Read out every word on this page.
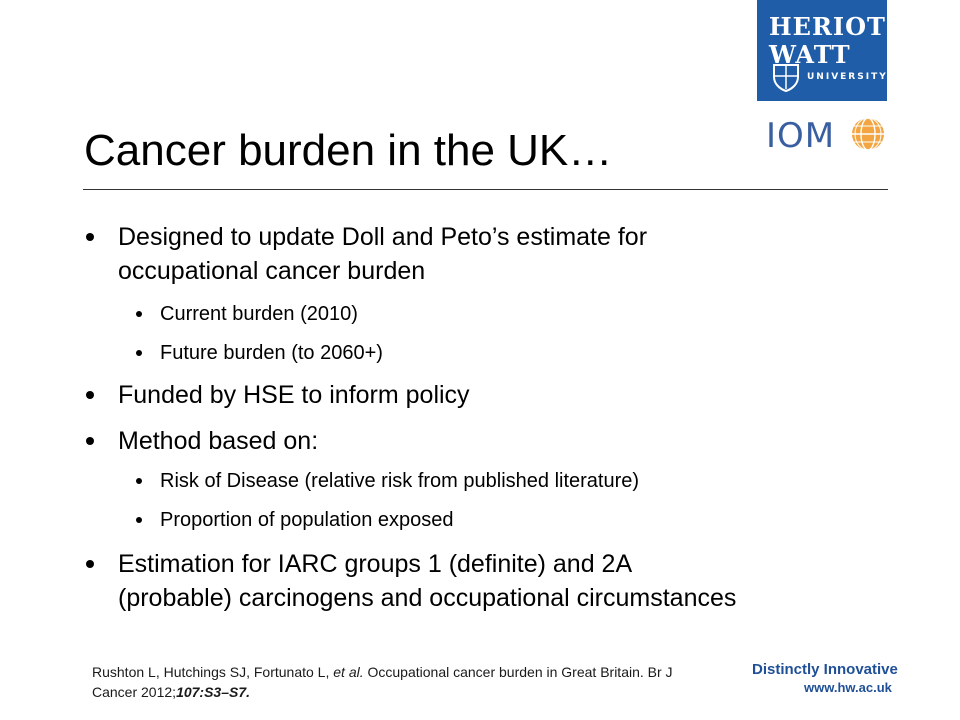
HERIOT
WATT
UNIVERSITY
IOM
Cancer burden in the UK…
Designed to update Doll and Peto’s estimate for
occupational cancer burden
Current burden (2010)
Future burden (to 2060+)
Funded by HSE to inform policy
Method based on:
Risk of Disease (relative risk from published literature)
Proportion of population exposed
Estimation for IARC groups 1 (definite) and 2A
(probable) carcinogens and occupational circumstances
Rushton L, Hutchings SJ, Fortunato L, et al. Occupational cancer burden in Great Britain. Br J Cancer 2012;107:S3–S7.
Distinctly Innovative
www.hw.ac.uk
